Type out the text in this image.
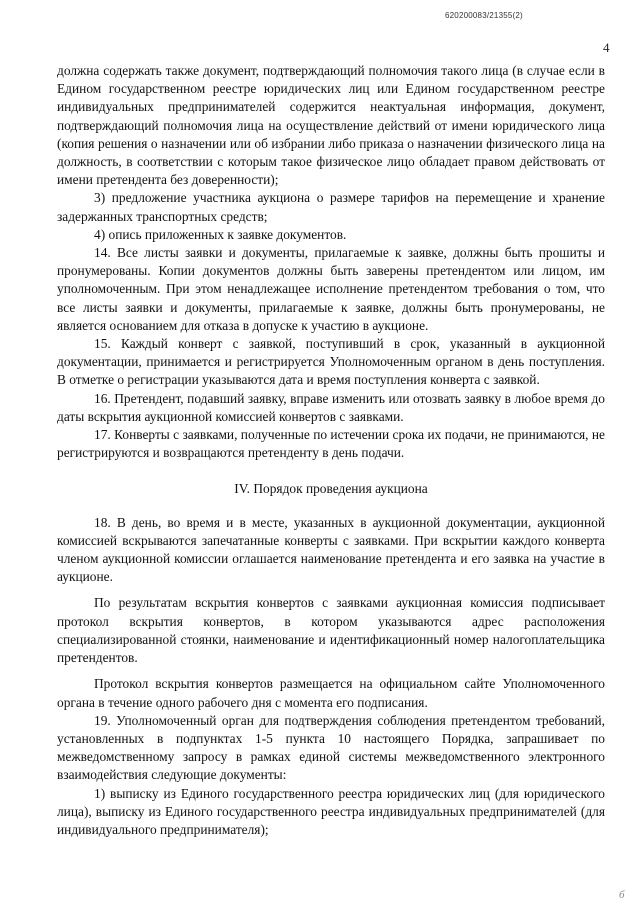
620200083/21355(2)
4

должна содержать также документ, подтверждающий полномочия такого лица (в случае если в Едином государственном реестре юридических лиц или Едином государственном реестре индивидуальных предпринимателей содержится неактуальная информация, документ, подтверждающий полномочия лица на осуществление действий от имени юридического лица (копия решения о назначении или об избрании либо приказа о назначении физического лица на должность, в соответствии с которым такое физическое лицо обладает правом действовать от имени претендента без доверенности);

3) предложение участника аукциона о размере тарифов на перемещение и хранение задержанных транспортных средств;

4) опись приложенных к заявке документов.

14. Все листы заявки и документы, прилагаемые к заявке, должны быть прошиты и пронумерованы. Копии документов должны быть заверены претендентом или лицом, им уполномоченным. При этом ненадлежащее исполнение претендентом требования о том, что все листы заявки и документы, прилагаемые к заявке, должны быть пронумерованы, не является основанием для отказа в допуске к участию в аукционе.

15. Каждый конверт с заявкой, поступивший в срок, указанный в аукционной документации, принимается и регистрируется Уполномоченным органом в день поступления. В отметке о регистрации указываются дата и время поступления конверта с заявкой.

16. Претендент, подавший заявку, вправе изменить или отозвать заявку в любое время до даты вскрытия аукционной комиссией конвертов с заявками.

17. Конверты с заявками, полученные по истечении срока их подачи, не принимаются, не регистрируются и возвращаются претенденту в день подачи.

IV. Порядок проведения аукциона

18. В день, во время и в месте, указанных в аукционной документации, аукционной комиссией вскрываются запечатанные конверты с заявками. При вскрытии каждого конверта членом аукционной комиссии оглашается наименование претендента и его заявка на участие в аукционе.

По результатам вскрытия конвертов с заявками аукционная комиссия подписывает протокол вскрытия конвертов, в котором указываются адрес расположения специализированной стоянки, наименование и идентификационный номер налогоплательщика претендентов.

Протокол вскрытия конвертов размещается на официальном сайте Уполномоченного органа в течение одного рабочего дня с момента его подписания.

19. Уполномоченный орган для подтверждения соблюдения претендентом требований, установленных в подпунктах 1-5 пункта 10 настоящего Порядка, запрашивает по межведомственному запросу в рамках единой системы межведомственного электронного взаимодействия следующие документы:

1) выписку из Единого государственного реестра юридических лиц (для юридического лица), выписку из Единого государственного реестра индивидуальных предпринимателей (для индивидуального предпринимателя);

б
